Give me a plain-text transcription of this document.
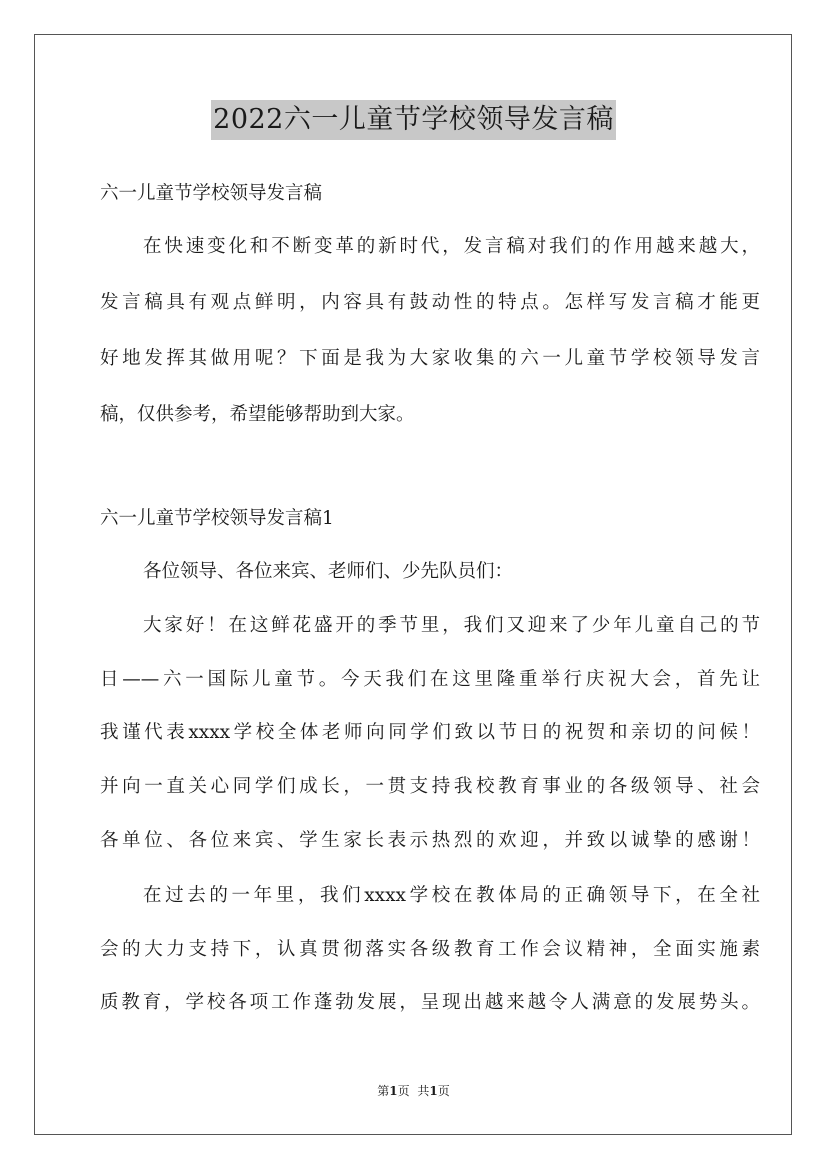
2022六一儿童节学校领导发言稿
六一儿童节学校领导发言稿
在快速变化和不断变革的新时代，发言稿对我们的作用越来越大，
发言稿具有观点鲜明，内容具有鼓动性的特点。怎样写发言稿才能更
好地发挥其做用呢？下面是我为大家收集的六一儿童节学校领导发言
稿，仅供参考，希望能够帮助到大家。
六一儿童节学校领导发言稿1
各位领导、各位来宾、老师们、少先队员们：
大家好！在这鲜花盛开的季节里，我们又迎来了少年儿童自己的节
日——六一国际儿童节。今天我们在这里隆重举行庆祝大会，首先让
我谨代表xxxx学校全体老师向同学们致以节日的祝贺和亲切的问候！
并向一直关心同学们成长，一贯支持我校教育事业的各级领导、社会
各单位、各位来宾、学生家长表示热烈的欢迎，并致以诚挚的感谢！
在过去的一年里，我们xxxx学校在教体局的正确领导下，在全社
会的大力支持下，认真贯彻落实各级教育工作会议精神，全面实施素
质教育，学校各项工作蓬勃发展，呈现出越来越令人满意的发展势头。
第1页 共1页
